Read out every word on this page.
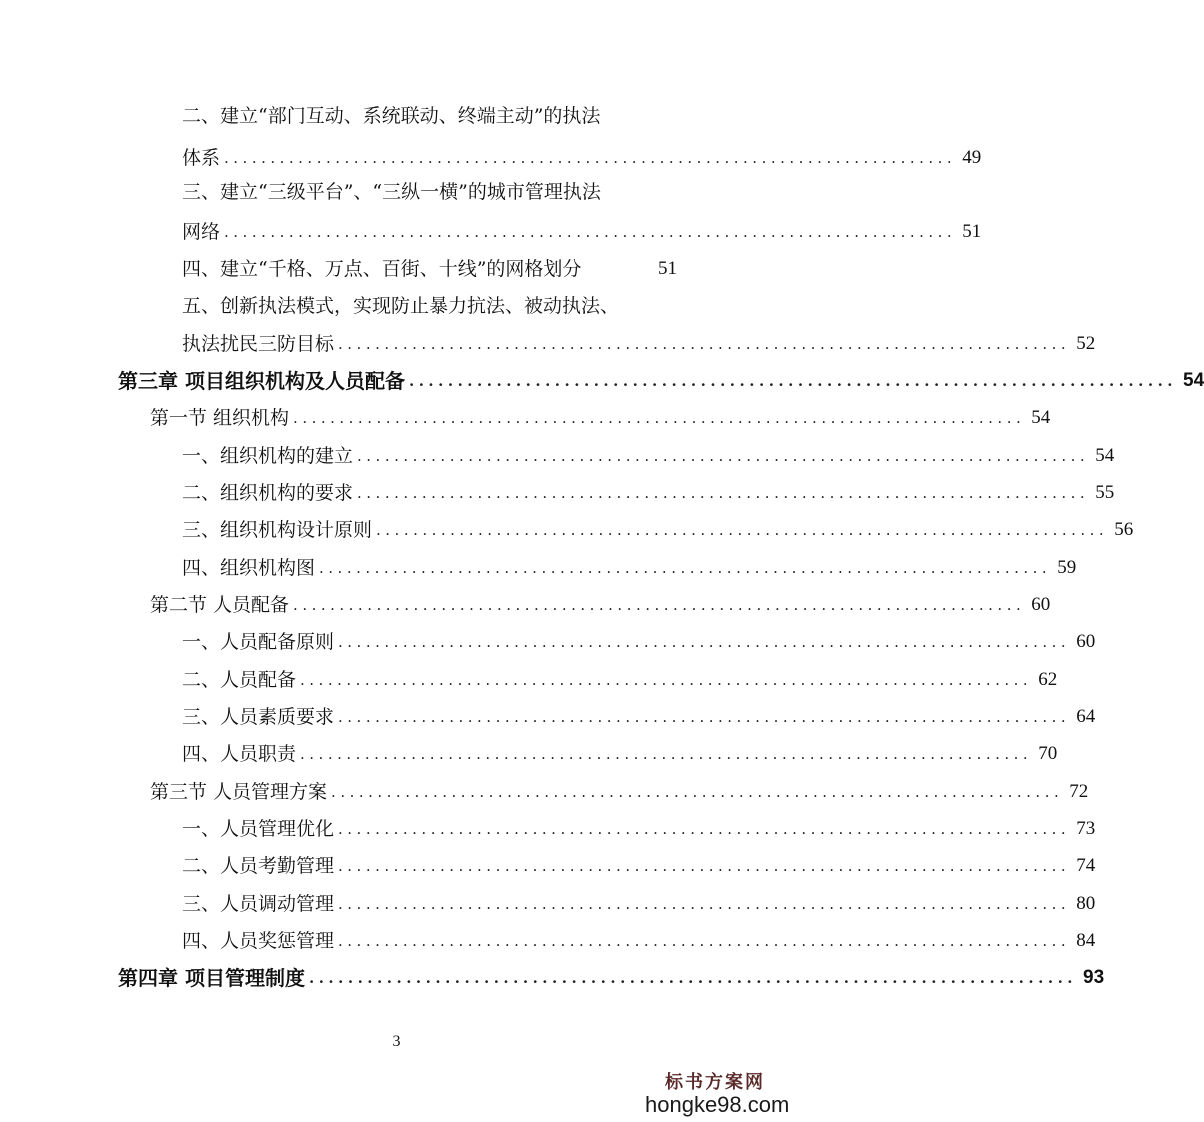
二、建立“部门互动、系统联动、终端主动”的执法
体系 ............................................................................... 49
三、建立“三级平台”、“三纵一横”的城市管理执法
网络 ............................................................................... 51
四、建立“千格、万点、百街、十线”的网格划分	51
五、创新执法模式，实现防止暴力抗法、被动执法、
执法扰民三防目标 ............................................................................... 52
第三章 项目组织机构及人员配备 ............................................................................... 54
第一节 组织机构 ............................................................................... 54
一、组织机构的建立 ............................................................................... 54
二、组织机构的要求 ............................................................................... 55
三、组织机构设计原则 ............................................................................... 56
四、组织机构图 ............................................................................... 59
第二节 人员配备 ............................................................................... 60
一、人员配备原则 ............................................................................... 60
二、人员配备 ............................................................................... 62
三、人员素质要求 ............................................................................... 64
四、人员职责 ............................................................................... 70
第三节 人员管理方案 ............................................................................... 72
一、人员管理优化 ............................................................................... 73
二、人员考勤管理 ............................................................................... 74
三、人员调动管理 ............................................................................... 80
四、人员奖惩管理 ............................................................................... 84
第四章 项目管理制度 ............................................................................... 93
3
标书方案网
hongke98.com
